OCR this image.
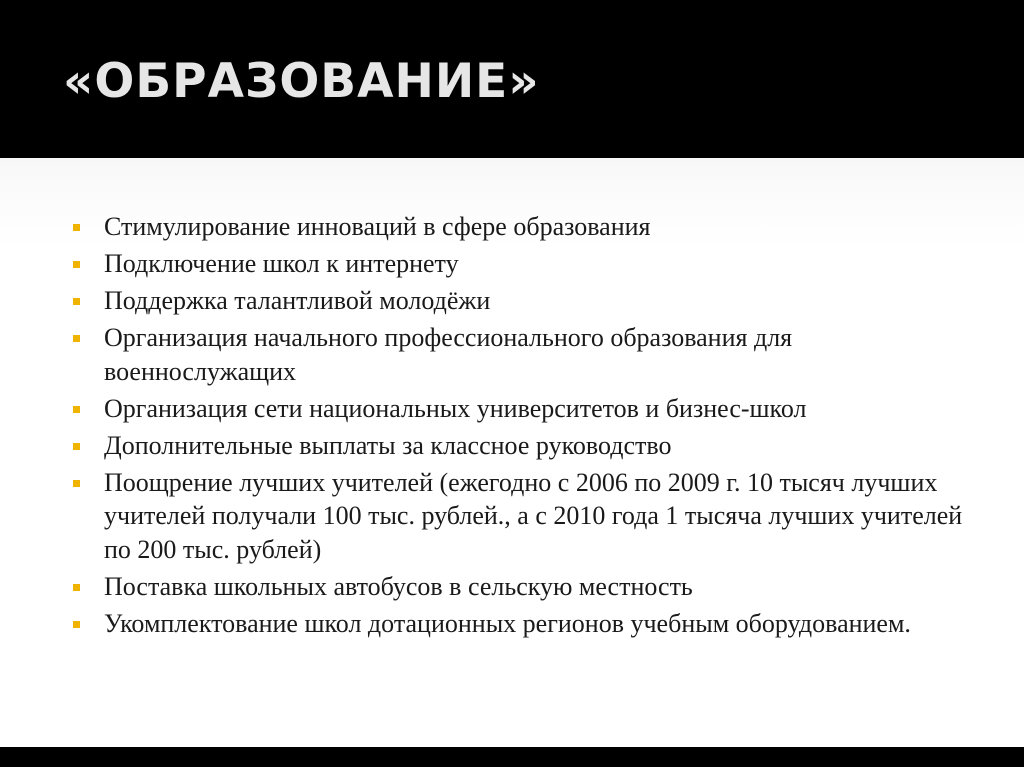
«ОБРАЗОВАНИЕ»
Стимулирование инноваций в сфере образования
Подключение школ к интернету
Поддержка талантливой молодёжи
Организация начального профессионального образования для военнослужащих
Организация сети национальных университетов и бизнес-школ
Дополнительные выплаты за классное руководство
Поощрение лучших учителей (ежегодно с 2006 по 2009 г. 10 тысяч лучших учителей получали 100 тыс. рублей., а с 2010 года 1 тысяча лучших учителей по 200 тыс. рублей)
Поставка школьных автобусов в сельскую местность
Укомплектование школ дотационных регионов учебным оборудованием.
